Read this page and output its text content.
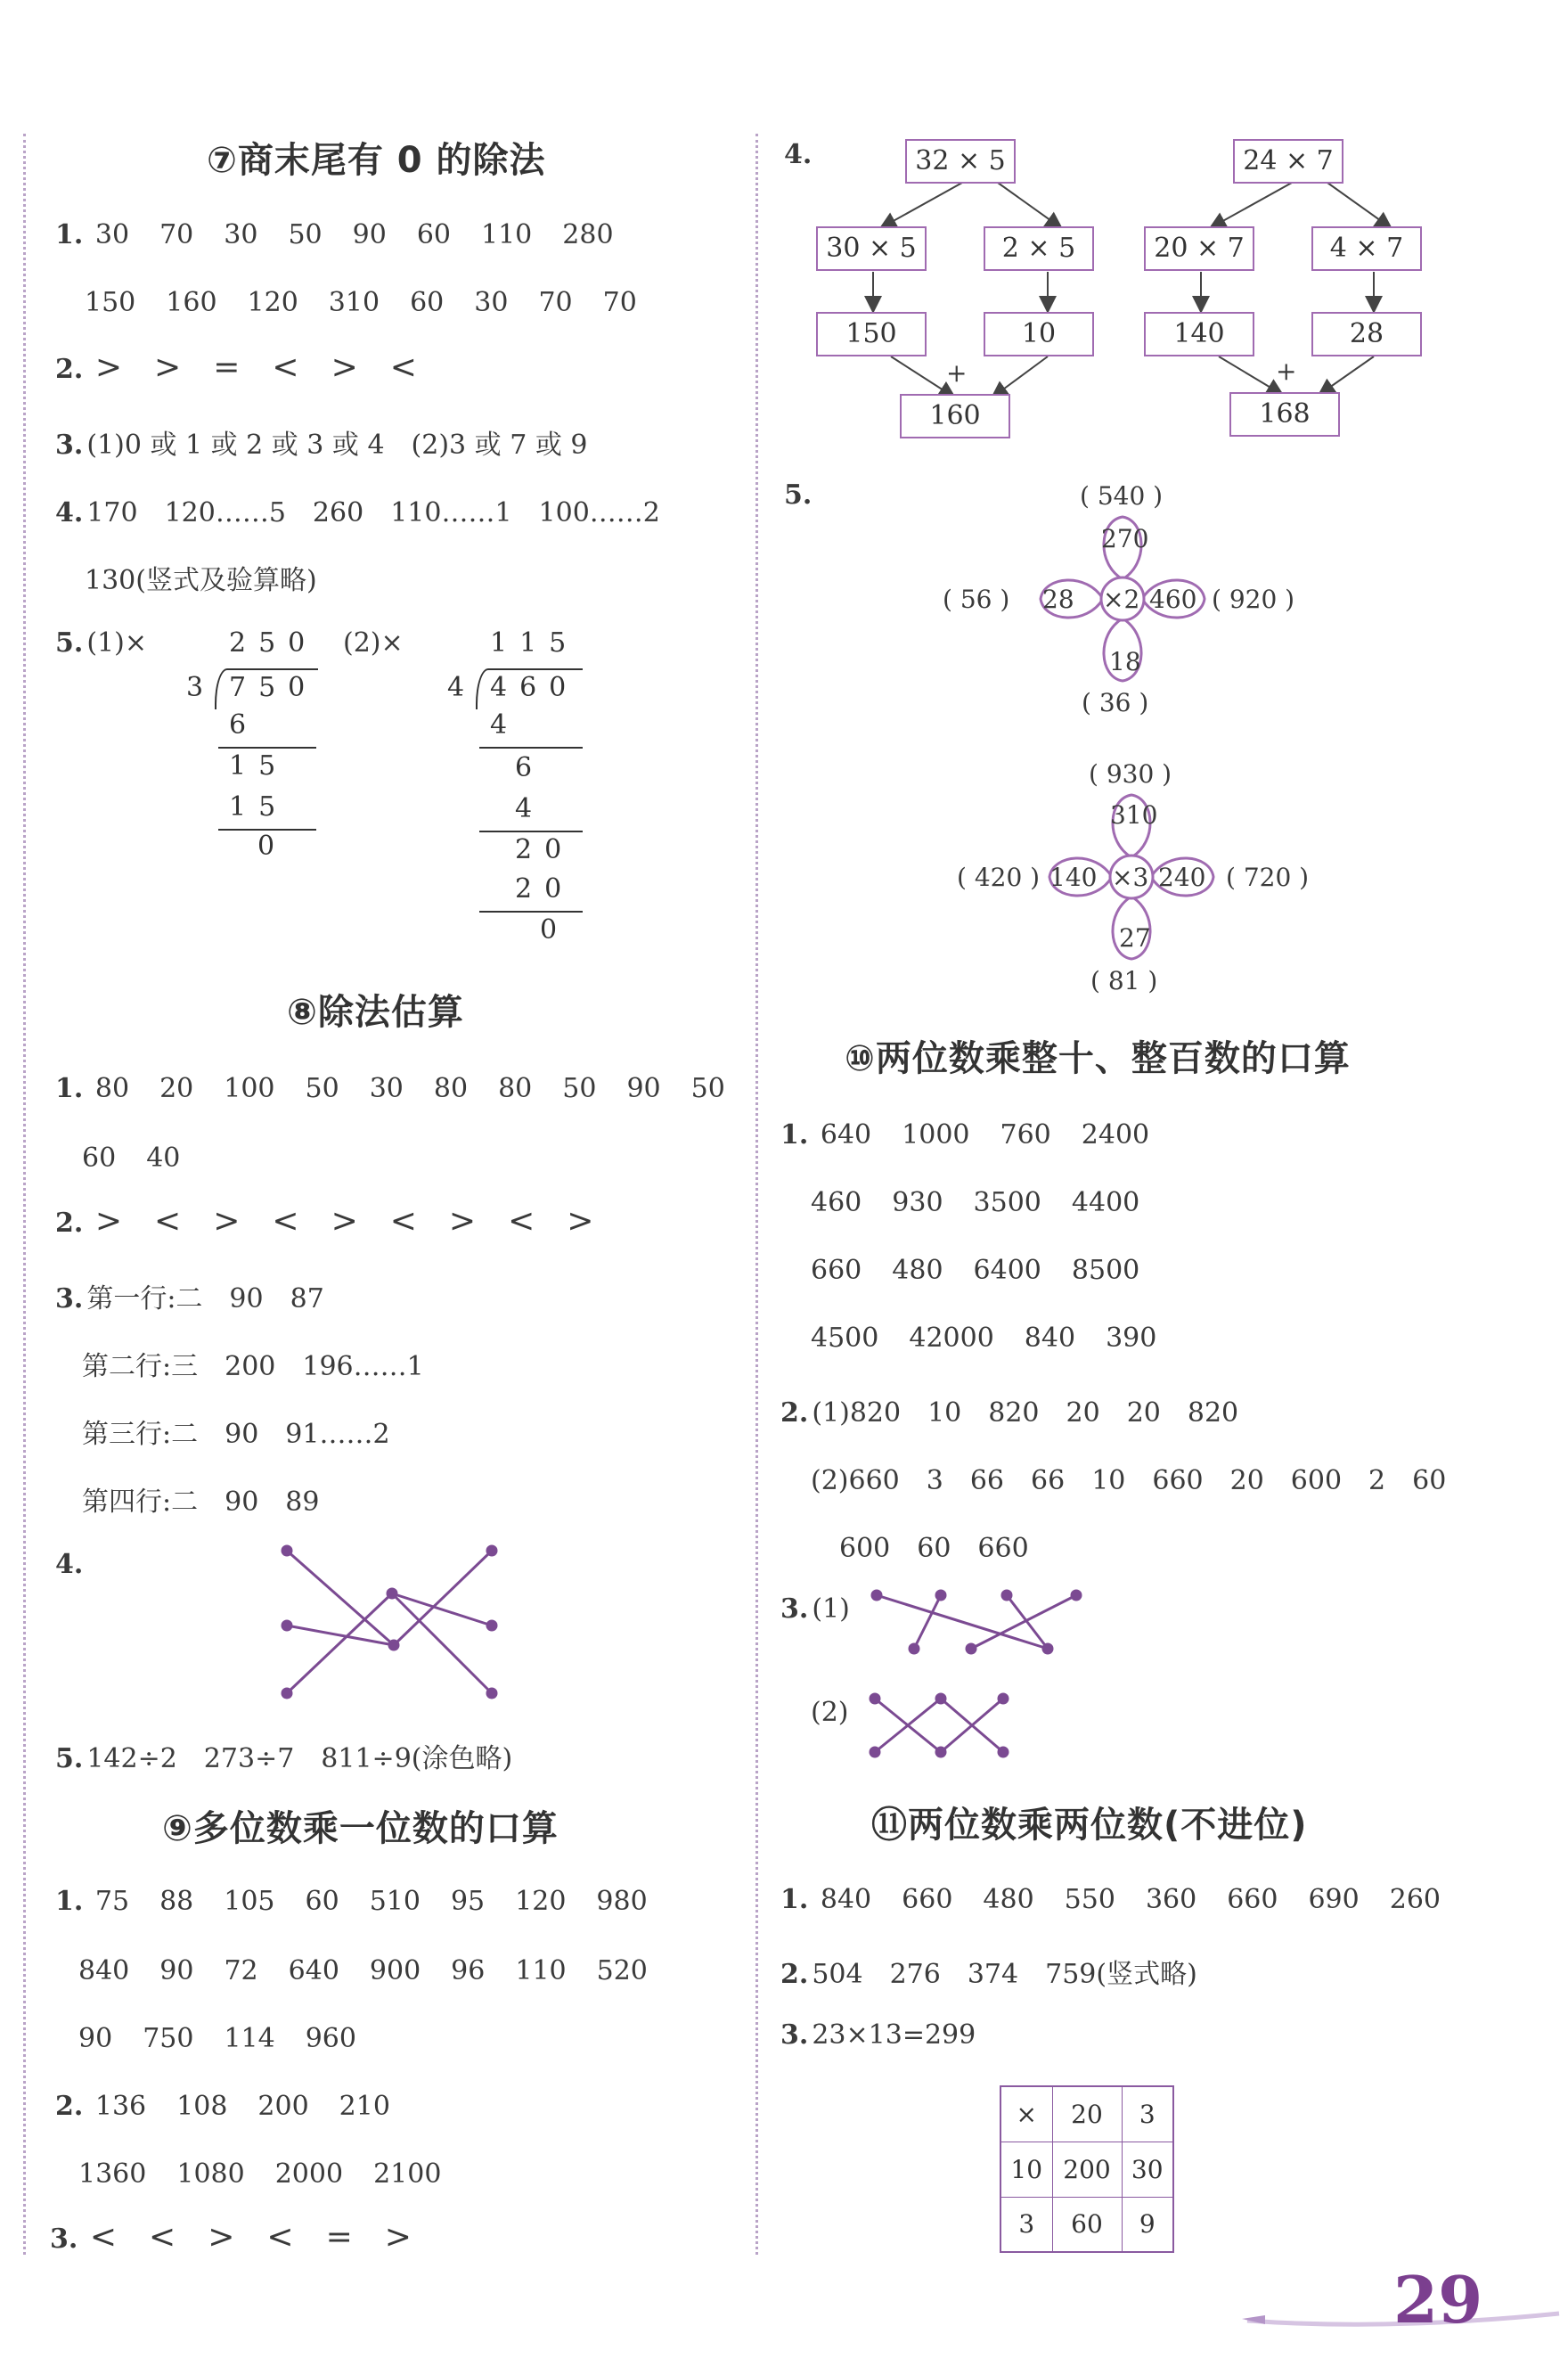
⑦商末尾有 0 的除法
1. 30 70 30 50 90 60 110 280
150 160 120 310 60 30 70 70
2. > > = < > <
3. (1)0 或 1 或 2 或 3 或 4　(2)3 或 7 或 9
4. 170　120……5　260　110……1　100……2
130(竖式及验算略)
5. (1)×	(2)×
250
3 750
6
15
15
0
115
4 460
4
6
4
20
20
0
⑧除法估算
1. 80 20 100 50 30 80 80 50 90 50
60 40
2. > < > < > < > < >
3. 第一行:二　90　87
第二行:三　200　196……1
第三行:二　90　91……2
第四行:二　90　89
4.
5. 142÷2　273÷7　811÷9(涂色略)
⑨多位数乘一位数的口算
1. 75 88 105 60 510 95 120 980
840 90 72 640 900 96 110 520
90 750 114 960
2. 136 108 200 210
1360 1080 2000 2100
3. < < > < = >
4.	32 × 5
30 × 5	2 × 5
150	10
+
160
24 × 7
20 × 7	4 × 7
140	28
+
168
5.
×2
270
28	460
18
( 540 )
( 56 )	( 920 )
( 36 )
×3
310
140 240
27
( 930 )
( 420 )	( 720 )
( 81 )
⑩两位数乘整十、整百数的口算
1. 640 1000 760 2400
460 930 3500 4400
660 480 6400 8500
4500 42000 840 390
2. (1)820　10　820　20　20　820
(2)660　3　66　66　10　660　20　600　2　60
600　60　660
3. (1)
(2)
⑪两位数乘两位数(不进位)
1. 840 660 480 550 360 660 690 260
2. 504　276　374　759(竖式略)
3. 23×13=299
×	20	3
10	200	30
3	60	9
29
